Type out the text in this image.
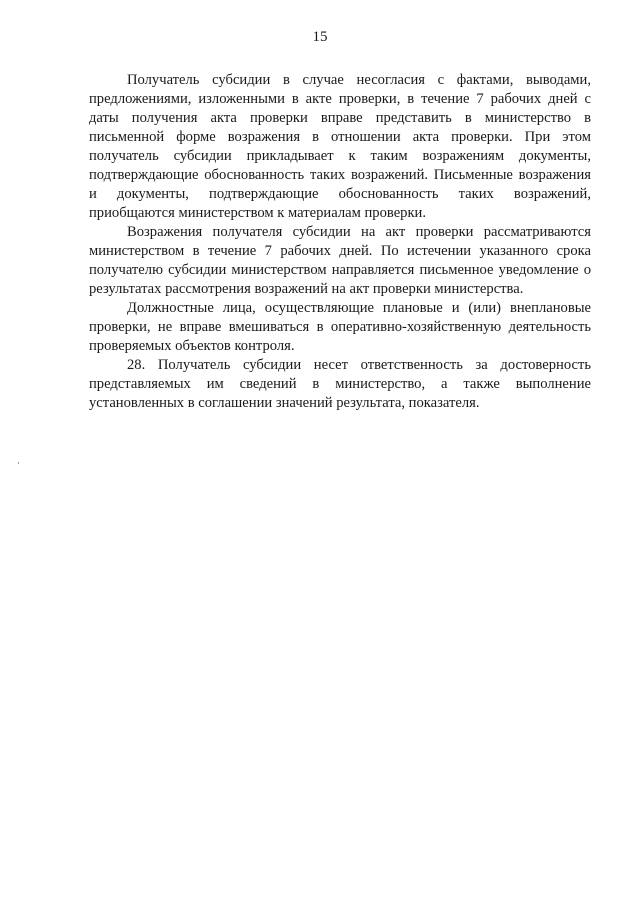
15

Получатель субсидии в случае несогласия с фактами, выводами, предложениями, изложенными в акте проверки, в течение 7 рабочих дней с даты получения акта проверки вправе представить в министерство в письменной форме возражения в отношении акта проверки. При этом получатель субсидии прикладывает к таким возражениям документы, подтверждающие обоснованность таких возражений. Письменные возражения и документы, подтверждающие обоснованность таких возражений, приобщаются министерством к материалам проверки.

Возражения получателя субсидии на акт проверки рассматриваются министерством в течение 7 рабочих дней. По истечении указанного срока получателю субсидии министерством направляется письменное уведомление о результатах рассмотрения возражений на акт проверки министерства.

Должностные лица, осуществляющие плановые и (или) внеплановые проверки, не вправе вмешиваться в оперативно-хозяйственную деятельность проверяемых объектов контроля.

28. Получатель субсидии несет ответственность за достоверность представляемых им сведений в министерство, а также выполнение установленных в соглашении значений результата, показателя.
